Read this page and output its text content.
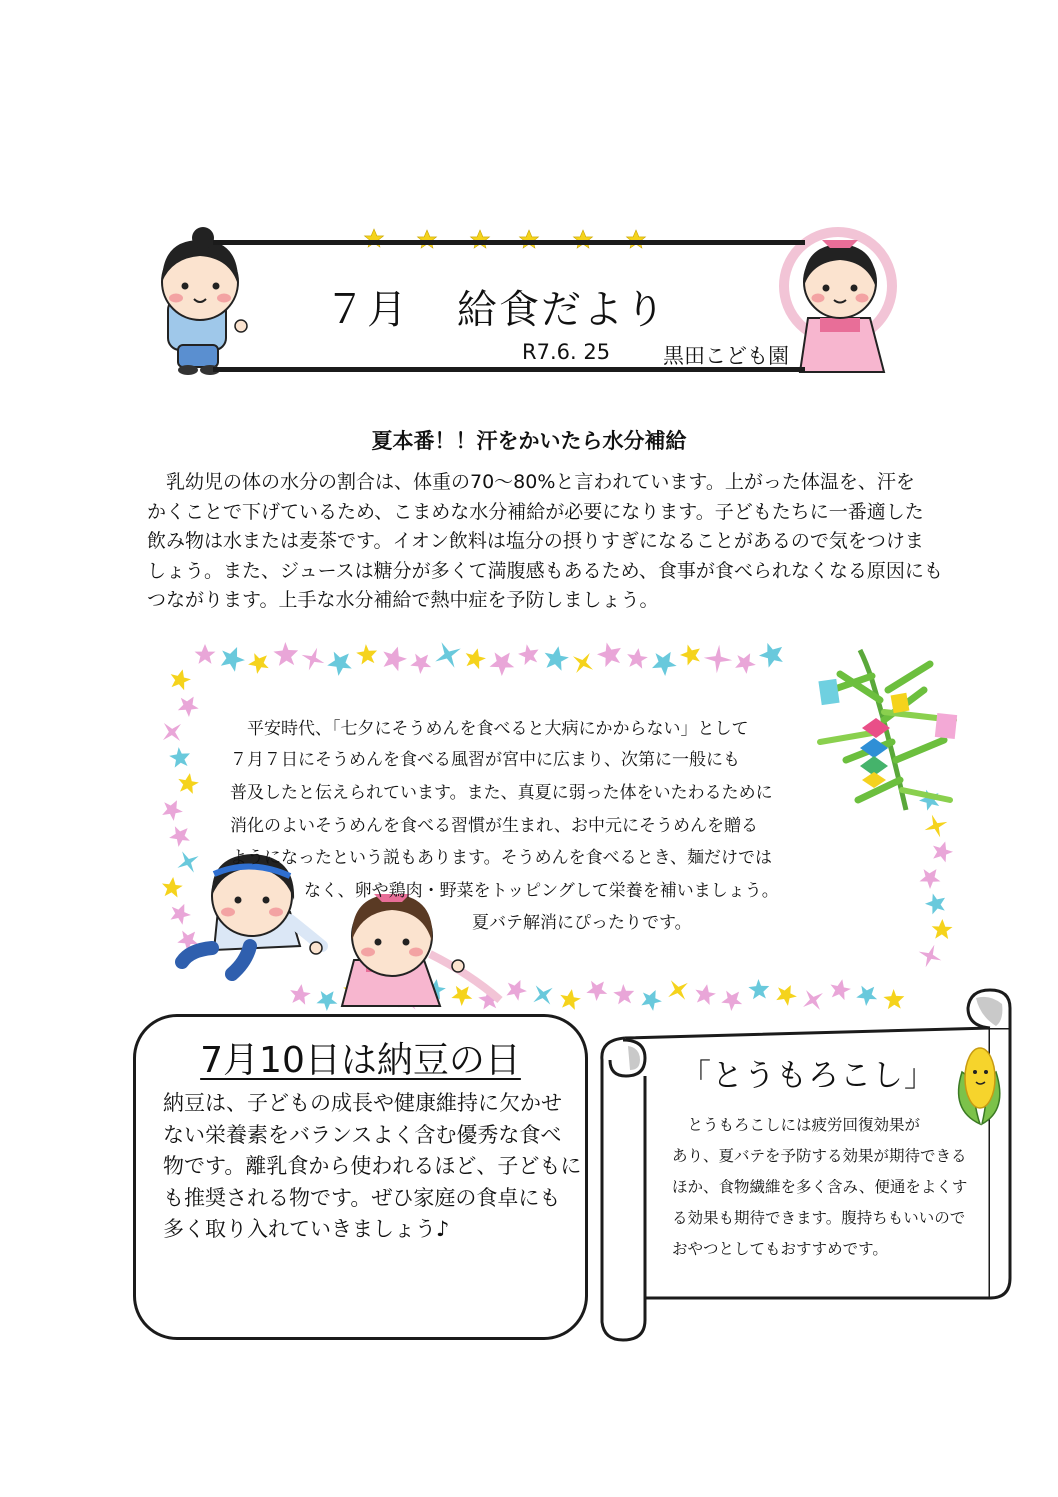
７月 給食だより
R7.6. 25	黒田こども園
夏本番！！汗をかいたら水分補給

　乳幼児の体の水分の割合は、体重の70～80%と言われています。上がった体温を、汗を

かくことで下げているため、こまめな水分補給が必要になります。子どもたちに一番適した

飲み物は水または麦茶です。イオン飲料は塩分の摂りすぎになることがあるので気をつけま

しょう。また、ジュースは糖分が多くて満腹感もあるため、食事が食べられなくなる原因にも

つながります。上手な水分補給で熱中症を予防しましょう。

　平安時代、「七夕にそうめんを食べると大病にかからない」として
７月７日にそうめんを食べる風習が宮中に広まり、次第に一般にも
普及したと伝えられています。また、真夏に弱った体をいたわるために
消化のよいそうめんを食べる習慣が生まれ、お中元にそうめんを贈る
ようになったという説もあります。そうめんを食べるとき、麺だけでは
なく、卵や鶏肉・野菜をトッピングして栄養を補いましょう。
夏バテ解消にぴったりです。
7月10日は納豆の日

納豆は、子どもの成長や健康維持に欠かせ

ない栄養素をバランスよく含む優秀な食べ

物です。離乳食から使われるほど、子どもに

も推奨される物です。ぜひ家庭の食卓にも

多く取り入れていきましょう♪

「とうもろこし」

　とうもろこしには疲労回復効果が

あり、夏バテを予防する効果が期待できる

ほか、食物繊維を多く含み、便通をよくす

る効果も期待できます。腹持ちもいいので

おやつとしてもおすすめです。
